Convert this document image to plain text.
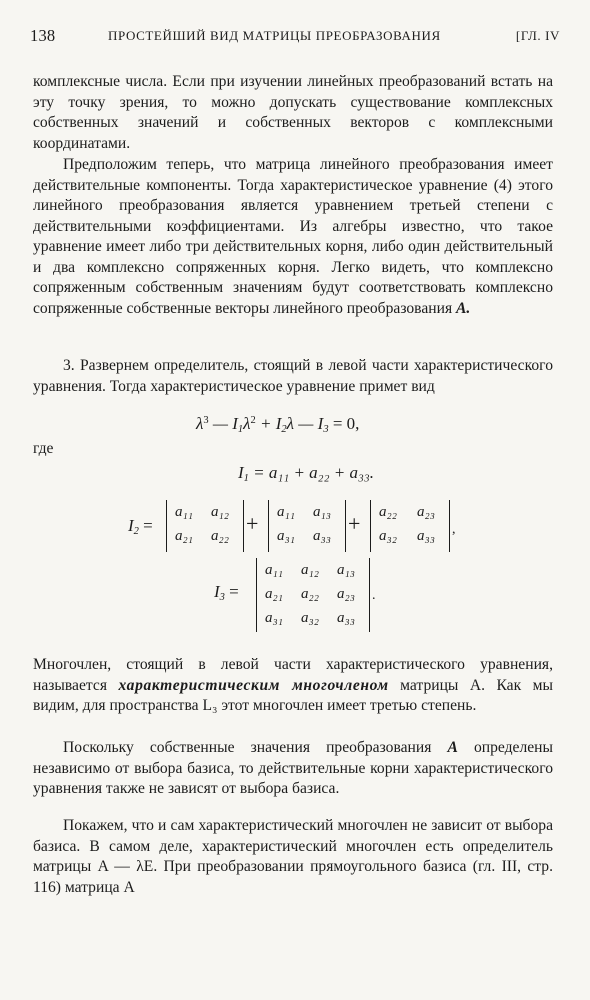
138	ПРОСТЕЙШИЙ ВИД МАТРИЦЫ ПРЕОБРАЗОВАНИЯ	[ГЛ. IV

комплексные числа. Если при изучении линейных преобразований встать на эту точку зрения, то можно допускать существование комплексных собственных значений и собственных векторов с комплексными координатами.

Предположим теперь, что матрица линейного преобразования имеет действительные компоненты. Тогда характеристическое уравнение (4) этого линейного преобразования является уравнением третьей степени с действительными коэффициентами. Из алгебры известно, что такое уравнение имеет либо три действительных корня, либо один действительный и два комплексно сопряженных корня. Легко видеть, что комплексно сопряженным собственным значениям будут соответствовать комплексно сопряженные собственные векторы линейного преобразования A.

3. Развернем определитель, стоящий в левой части характеристического уравнения. Тогда характеристическое уравнение примет вид

$\lambda^3$ — $I_1\lambda^2 + I_2\lambda$ — $I_3 = 0$,
где
$I_1 = a_{11} + a_{22} + a_{33}$.
$I_2$ =
a₁₁ a₁₂
a₂₁ a₂₂ + a₁₁ a₁₃
a₃₁ a₃₃ + a₂₂ a₂₃
a₃₂ a₃₃ ,
$I_3$ =
a₁₁ a₁₂ a₁₃
a₂₁ a₂₂ a₂₃
a₃₁ a₃₂ a₃₃
.

Многочлен, стоящий в левой части характеристического уравнения, называется характеристическим многочленом матрицы A. Как мы видим, для пространства L₃ этот многочлен имеет третью степень.

Поскольку собственные значения преобразования A определены независимо от выбора базиса, то действительные корни характеристического уравнения также не зависят от выбора базиса.

Покажем, что и сам характеристический многочлен не зависит от выбора базиса. В самом деле, характеристический многочлен есть определитель матрицы A — λE. При преобразовании прямоугольного базиса (гл. III, стр. 116) матрица A
